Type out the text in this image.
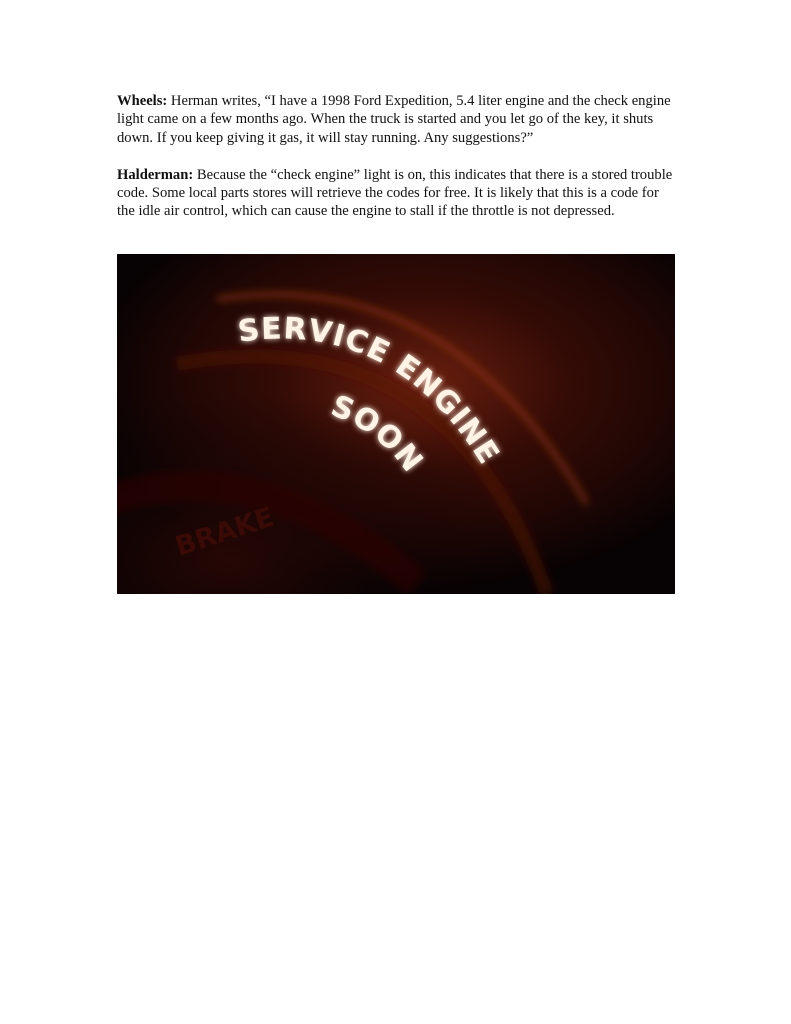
Wheels: Herman writes, “I have a 1998 Ford Expedition, 5.4 liter engine and the check engine light came on a few months ago. When the truck is started and you let go of the key, it shuts down. If you keep giving it gas, it will stay running. Any suggestions?”

Halderman: Because the “check engine” light is on, this indicates that there is a stored trouble code. Some local parts stores will retrieve the codes for free. It is likely that this is a code for the idle air control, which can cause the engine to stall if the throttle is not depressed.

BRAKE
SERVICE ENGINE
SOON
